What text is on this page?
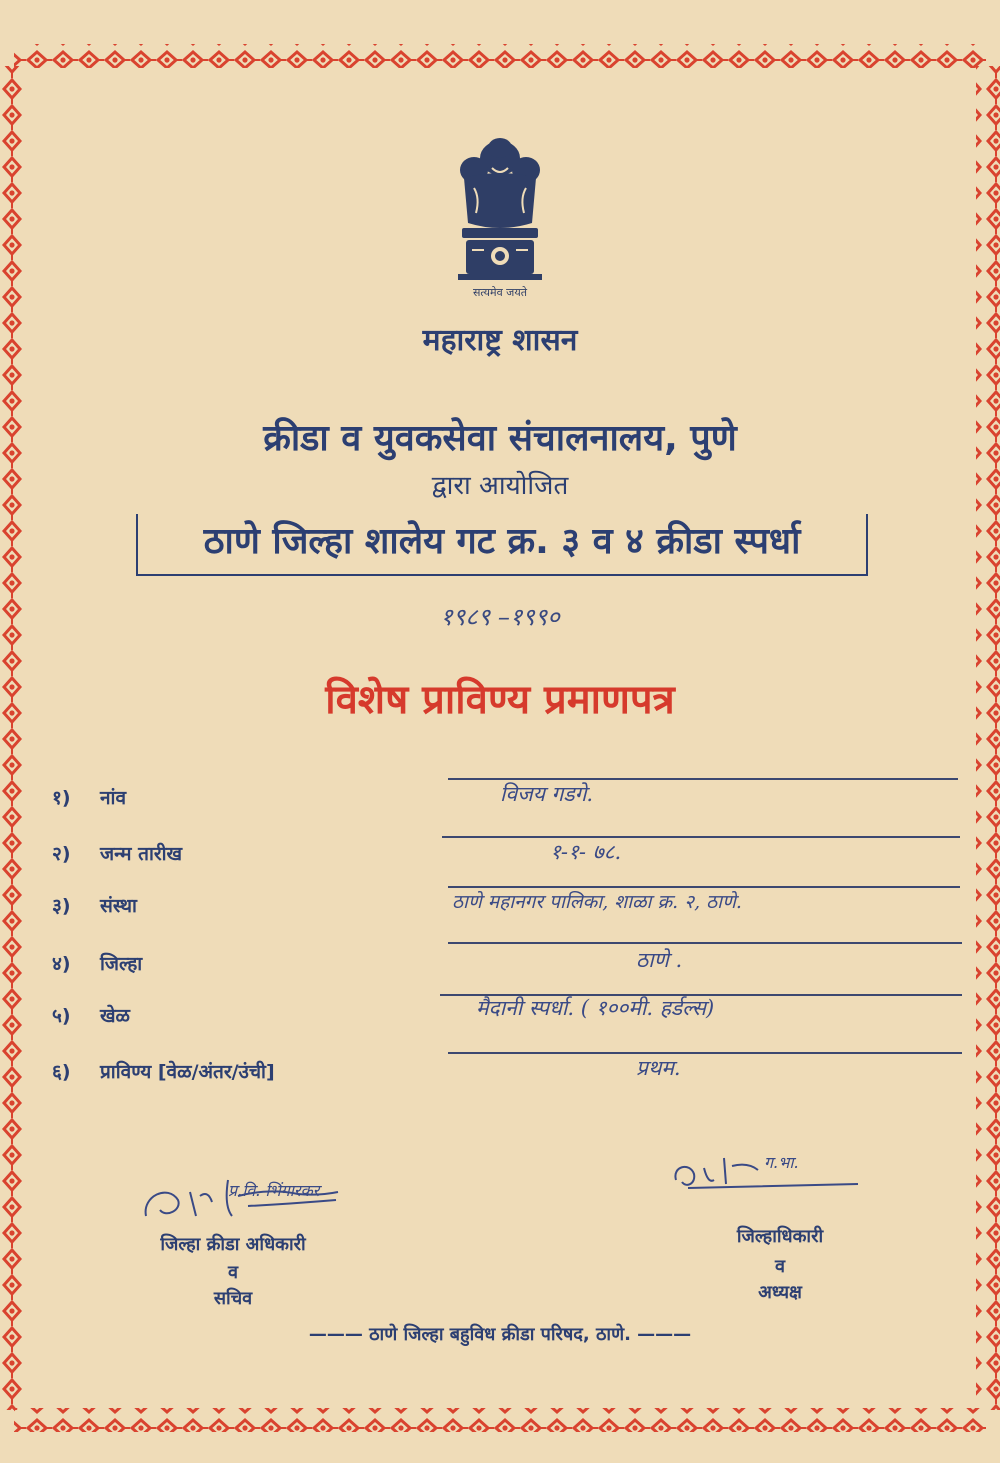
सत्यमेव जयते
महाराष्ट्र शासन
क्रीडा व युवकसेवा संचालनालय, पुणे
द्वारा आयोजित
ठाणे जिल्हा शालेय गट क्र. ३ व ४ क्रीडा स्पर्धा
१९८९ –१९९०
विशेष प्राविण्य प्रमाणपत्र
१) नांव	विजय गडगे.
२) जन्म तारीख	१-१- ७८.
३) संस्था	ठाणे महानगर पालिका, शाळा क्र. २, ठाणे.
४) जिल्हा	ठाणे .
५) खेळ	मैदानी स्पर्धा. ( १००मी. हर्डल्स)
६) प्राविण्य [वेळ/अंतर/उंची]	प्रथम.
प्र.वि. भिंगारकर
जिल्हा क्रीडा अधिकारी
व
सचिव
ग.भा.
जिल्हाधिकारी
व
अध्यक्ष
——— ठाणे जिल्हा बहुविध क्रीडा परिषद, ठाणे. ———
